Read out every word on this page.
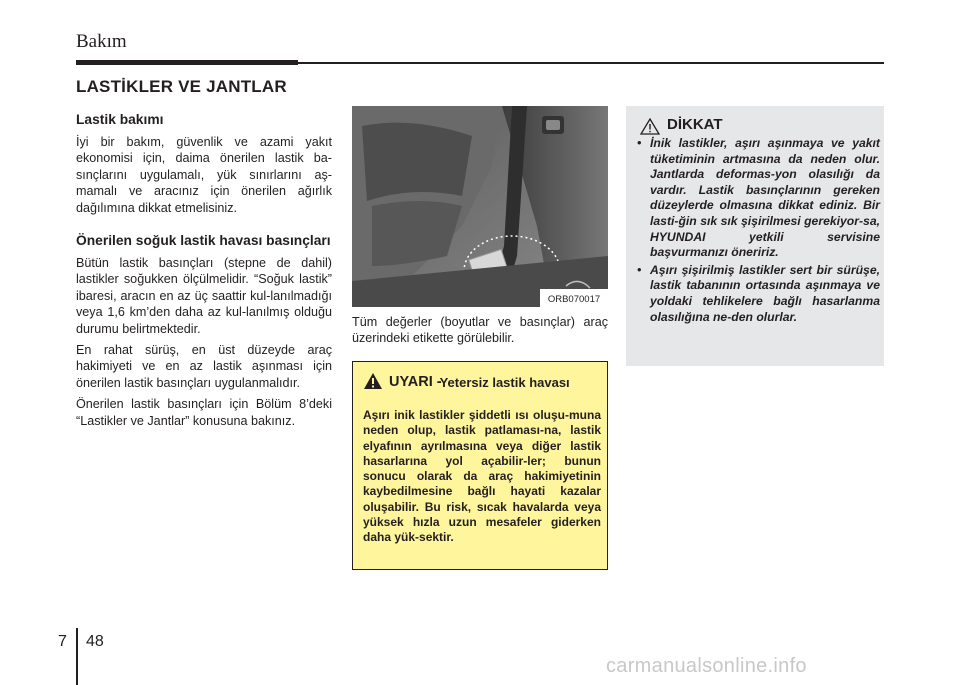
Bakım
LASTİKLER VE JANTLAR
Lastik bakımı

İyi bir bakım, güvenlik ve azami yakıt ekonomisi için, daima önerilen lastik ba-sınçlarını uygulamalı, yük sınırlarını aş-mamalı ve aracınız için önerilen ağırlık dağılımına dikkat etmelisiniz.

Önerilen soğuk lastik havası basınçları

Bütün lastik basınçları (stepne de dahil) lastikler soğukken ölçülmelidir. “Soğuk lastik” ibaresi, aracın en az üç saattir kul-lanılmadığı veya 1,6 km’den daha az kul-lanılmış olduğu durumu belirtmektedir.

En rahat sürüş, en üst düzeyde araç hakimiyeti ve en az lastik aşınması için önerilen lastik basınçları uygulanmalıdır.

Önerilen lastik basınçları için Bölüm 8’deki “Lastikler ve Jantlar” konusuna bakınız.

ORB070017
Tüm değerler (boyutlar ve basınçlar) araç üzerindeki etikette görülebilir.
UYARI -
Yetersiz lastik havası
Aşırı inik lastikler şiddetli ısı oluşu-muna neden olup, lastik patlaması-na, lastik elyafının ayrılmasına veya diğer lastik hasarlarına yol açabilir-ler; bunun sonucu olarak da araç hakimiyetinin kaybedilmesine bağlı hayati kazalar oluşabilir. Bu risk, sıcak havalarda veya yüksek hızla uzun mesafeler giderken daha yük-sektir.
DİKKAT
• İnik lastikler, aşırı aşınmaya ve yakıt tüketiminin artmasına da neden olur. Jantlarda deformas-yon olasılığı da vardır. Lastik basınçlarının gereken düzeylerde olmasına dikkat ediniz. Bir lasti-ğin sık sık şişirilmesi gerekiyor-sa, HYUNDAI yetkili servisine başvurmanızı öneririz.
• Aşırı şişirilmiş lastikler sert bir sürüşe, lastik tabanının ortasında aşınmaya ve yoldaki tehlikelere bağlı hasarlanma olasılığına ne-den olurlar.
7 48
carmanualsonline.info
